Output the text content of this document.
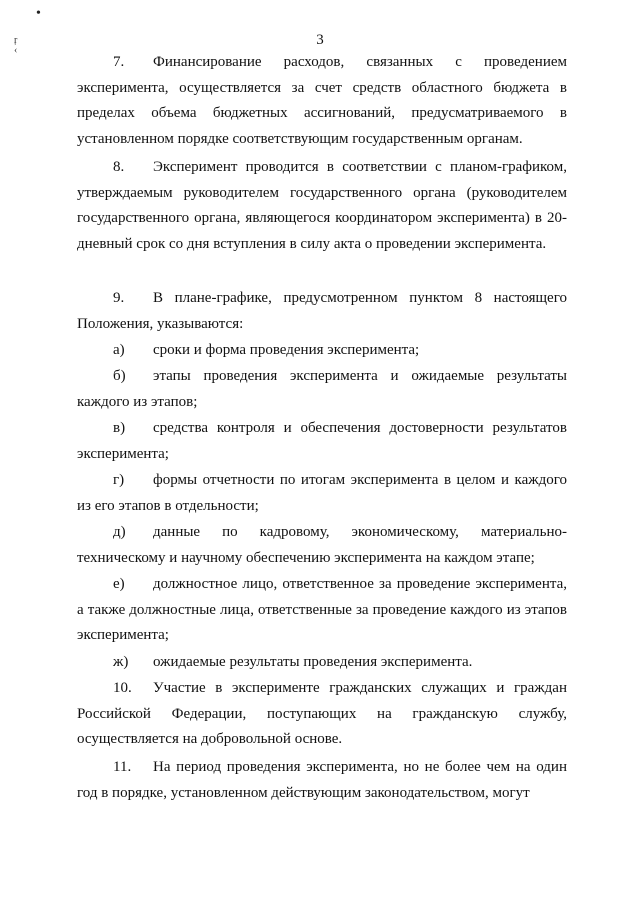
•
ŗ
‹
3

7. Финансирование расходов, связанных с проведением эксперимента, осуществляется за счет средств областного бюджета в пределах объема бюджетных ассигнований, предусматриваемого в установленном порядке соответствующим государственным органам.

8. Эксперимент проводится в соответствии с планом-графиком, утверждаемым руководителем государственного органа (руководителем государственного органа, являющегося координатором эксперимента) в 20-дневный срок со дня вступления в силу акта о проведении эксперимента.

9. В плане-графике, предусмотренном пунктом 8 настоящего Положения, указываются:

а) сроки и форма проведения эксперимента;

б) этапы проведения эксперимента и ожидаемые результаты каждого из этапов;

в) средства контроля и обеспечения достоверности результатов эксперимента;

г) формы отчетности по итогам эксперимента в целом и каждого из его этапов в отдельности;

д) данные по кадровому, экономическому, материально-техническому и научному обеспечению эксперимента на каждом этапе;

е) должностное лицо, ответственное за проведение эксперимента, а также должностные лица, ответственные за проведение каждого из этапов эксперимента;

ж) ожидаемые результаты проведения эксперимента.

10. Участие в эксперименте гражданских служащих и граждан Российской Федерации, поступающих на гражданскую службу, осуществляется на добровольной основе.

11. На период проведения эксперимента, но не более чем на один год в порядке, установленном действующим законодательством, могут
